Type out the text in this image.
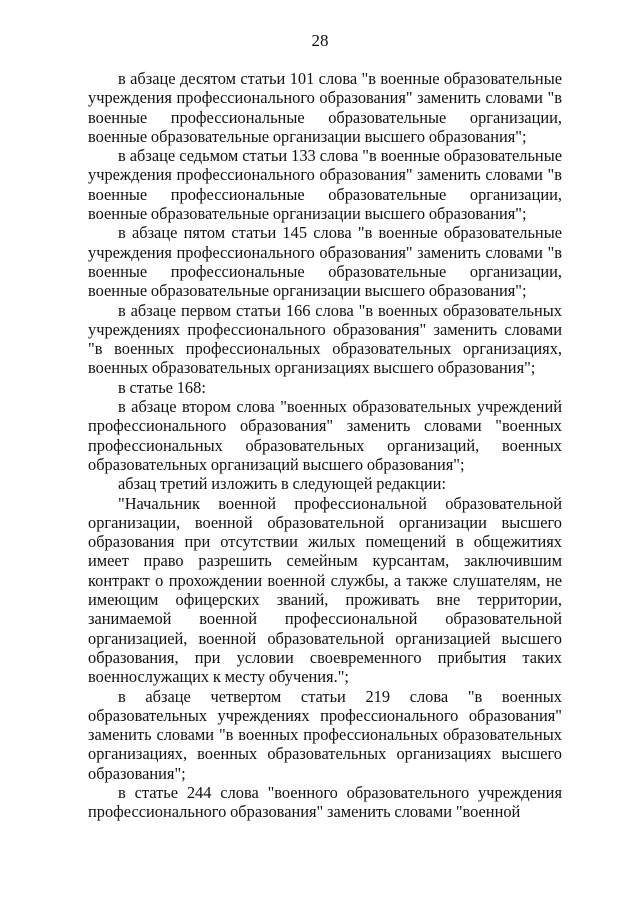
28

в абзаце десятом статьи 101 слова "в военные образовательные учреждения профессионального образования" заменить словами "в военные профессиональные образовательные организации, военные образовательные организации высшего образования";

в абзаце седьмом статьи 133 слова "в военные образовательные учреждения профессионального образования" заменить словами "в военные профессиональные образовательные организации, военные образовательные организации высшего образования";

в абзаце пятом статьи 145 слова "в военные образовательные учреждения профессионального образования" заменить словами "в военные профессиональные образовательные организации, военные образовательные организации высшего образования";

в абзаце первом статьи 166 слова "в военных образовательных учреждениях профессионального образования" заменить словами "в военных профессиональных образовательных организациях, военных образовательных организациях высшего образования";

в статье 168:

в абзаце втором слова "военных образовательных учреждений профессионального образования" заменить словами "военных профессиональных образовательных организаций, военных образовательных организаций высшего образования";

абзац третий изложить в следующей редакции:

"Начальник военной профессиональной образовательной организации, военной образовательной организации высшего образования при отсутствии жилых помещений в общежитиях имеет право разрешить семейным курсантам, заключившим контракт о прохождении военной службы, а также слушателям, не имеющим офицерских званий, проживать вне территории, занимаемой военной профессиональной образовательной организацией, военной образовательной организацией высшего образования, при условии своевременного прибытия таких военнослужащих к месту обучения.";

в абзаце четвертом статьи 219 слова "в военных образовательных учреждениях профессионального образования" заменить словами "в военных профессиональных образовательных организациях, военных образовательных организациях высшего образования";

в статье 244 слова "военного образовательного учреждения профессионального образования" заменить словами "военной
